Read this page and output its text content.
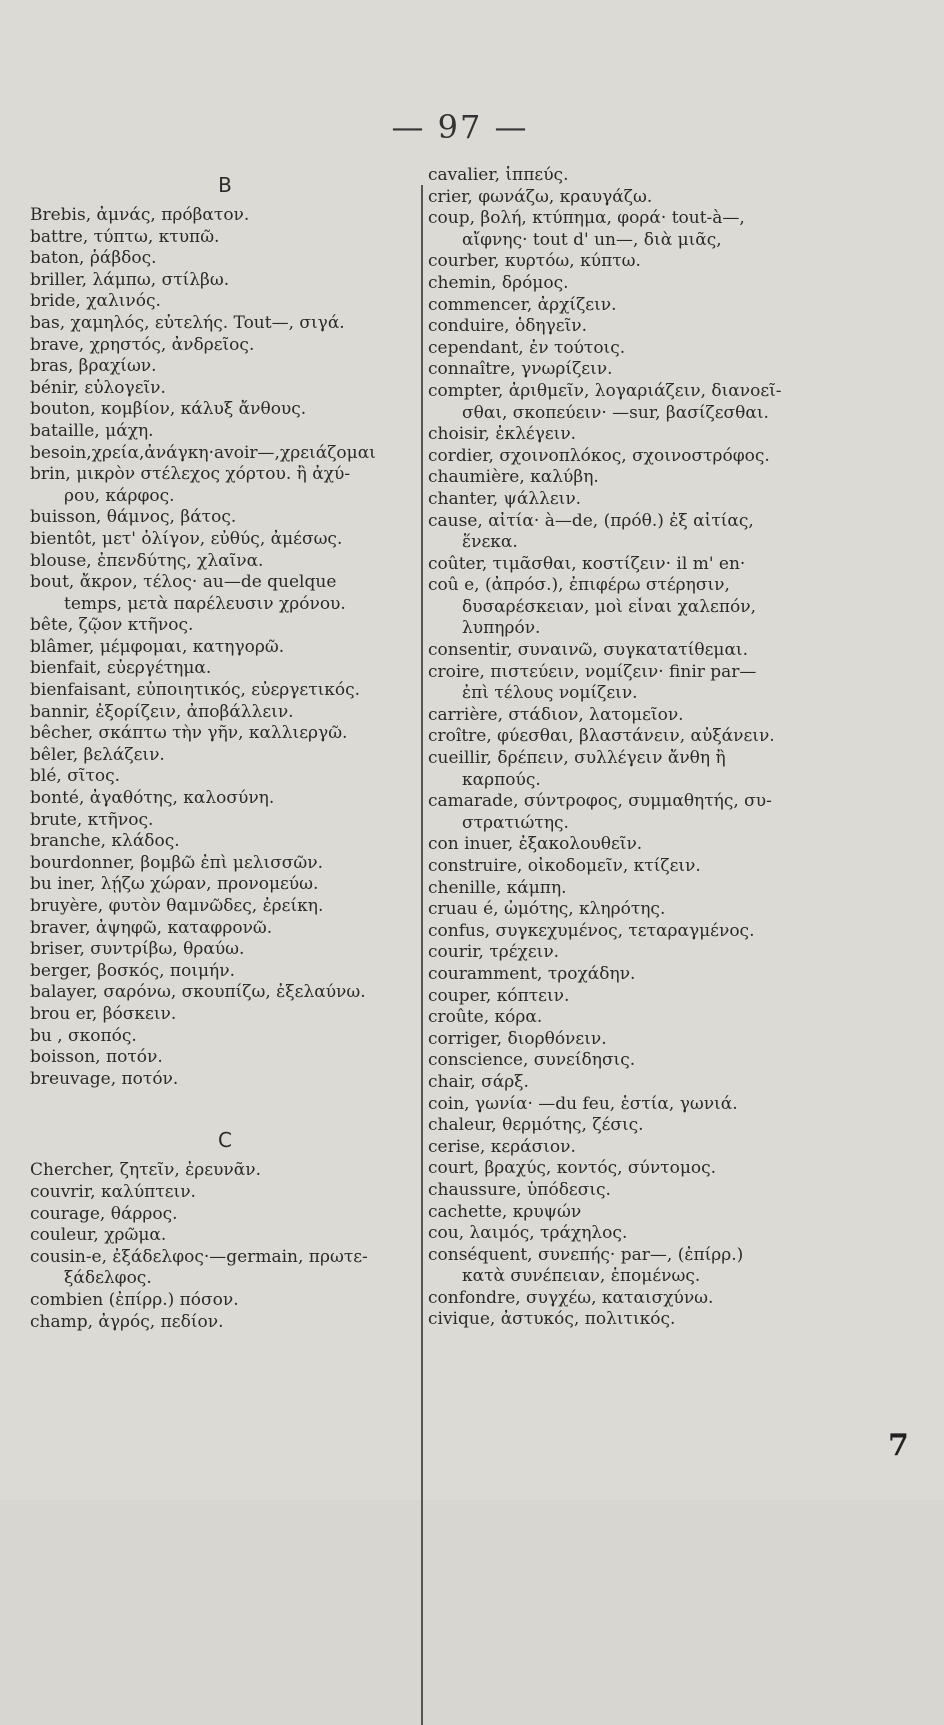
— 97 —
B
Brebis, ἀμνάς, πρόβατον.
battre, τύπτω, κτυπῶ.
baton, ῥάβδος.
briller, λάμπω, στίλβω.
bride, χαλινός.
bas, χαμηλός, εὐτελής. Tout—, σιγά.
brave, χρηστός, ἀνδρεῖος.
bras, βραχίων.
bénir, εὐλογεῖν.
bouton, κομβίον, κάλυξ ἄνθους.
bataille, μάχη.
besoin,χρεία,ἀνάγκη·avoir—,χρειάζομαι
brin, μικρὸν στέλεχος χόρτου. ἢ ἀχύ-
ρου, κάρφος.
buisson, θάμνος, βάτος.
bientôt, μετ' ὀλίγον, εὐθύς, ἀμέσως.
blouse, ἐπενδύτης, χλαῖνα.
bout, ἄκρον, τέλος· au—de quelque
temps, μετὰ παρέλευσιν χρόνου.
bête, ζῷον κτῆνος.
blâmer, μέμφομαι, κατηγορῶ.
bienfait, εὐεργέτημα.
bienfaisant, εὐποιητικός, εὐεργετικός.
bannir, ἐξορίζειν, ἀποβάλλειν.
bêcher, σκάπτω τὴν γῆν, καλλιεργῶ.
bêler, βελάζειν.
blé, σῖτος.
bonté, ἀγαθότης, καλοσύνη.
brute, κτῆνος.
branche, κλάδος.
bourdonner, βομβῶ ἐπὶ μελισσῶν.
bu iner, λῄζω χώραν, προνομεύω.
bruyère, φυτὸν θαμνῶδες, ἐρείκη.
braver, ἀψηφῶ, καταφρονῶ.
briser, συντρίβω, θραύω.
berger, βοσκός, ποιμήν.
balayer, σαρόνω, σκουπίζω, ἐξελαύνω.
brou er, βόσκειν.
bu , σκοπός.
boisson, ποτόν.
breuvage, ποτόν.
C
Chercher, ζητεῖν, ἐρευνᾶν.
couvrir, καλύπτειν.
courage, θάρρος.
couleur, χρῶμα.
cousin-e, ἐξάδελφος·—germain, πρωτε-
ξάδελφος.
combien (ἐπίρρ.) πόσον.
champ, ἀγρός, πεδίον.
cavalier, ἱππεύς.
crier, φωνάζω, κραυγάζω.
coup, βολή, κτύπημα, φορά· tout-à—,
αἴφνης· tout d' un—, διὰ μιᾶς,
courber, κυρτόω, κύπτω.
chemin, δρόμος.
commencer, ἀρχίζειν.
conduire, ὁδηγεῖν.
cependant, ἐν τούτοις.
connaître, γνωρίζειν.
compter, ἀριθμεῖν, λογαριάζειν, διανοεῖ-
σθαι, σκοπεύειν· —sur, βασίζεσθαι.
choisir, ἐκλέγειν.
cordier, σχοινοπλόκος, σχοινοστρόφος.
chaumière, καλύβη.
chanter, ψάλλειν.
cause, αἰτία· à—de, (πρόθ.) ἐξ αἰτίας,
ἕνεκα.
coûter, τιμᾶσθαι, κοστίζειν· il m' en·
coû e, (ἀπρόσ.), ἐπιφέρω στέρησιν,
δυσαρέσκειαν, μοὶ εἶναι χαλεπόν,
λυπηρόν.
consentir, συναινῶ, συγκατατίθεμαι.
croire, πιστεύειν, νομίζειν· finir par—
ἐπὶ τέλους νομίζειν.
carrière, στάδιον, λατομεῖον.
croître, φύεσθαι, βλαστάνειν, αὐξάνειν.
cueillir, δρέπειν, συλλέγειν ἄνθη ἢ
καρπούς.
camarade, σύντροφος, συμμαθητής, συ-
στρατιώτης.
con inuer, ἐξακολουθεῖν.
construire, οἰκοδομεῖν, κτίζειν.
chenille, κάμπη.
cruau é, ὠμότης, κληρότης.
confus, συγκεχυμένος, τεταραγμένος.
courir, τρέχειν.
couramment, τροχάδην.
couper, κόπτειν.
croûte, κόρα.
corriger, διορθόνειν.
conscience, συνείδησις.
chair, σάρξ.
coin, γωνία· —du feu, ἑστία, γωνιά.
chaleur, θερμότης, ζέσις.
cerise, κεράσιον.
court, βραχύς, κοντός, σύντομος.
chaussure, ὑπόδεσις.
cachette, κρυψών
cou, λαιμός, τράχηλος.
conséquent, συνεπής· par—, (ἐπίρρ.)
κατὰ συνέπειαν, ἑπομένως.
confondre, συγχέω, καταισχύνω.
civique, ἀστυκός, πολιτικός.
7
